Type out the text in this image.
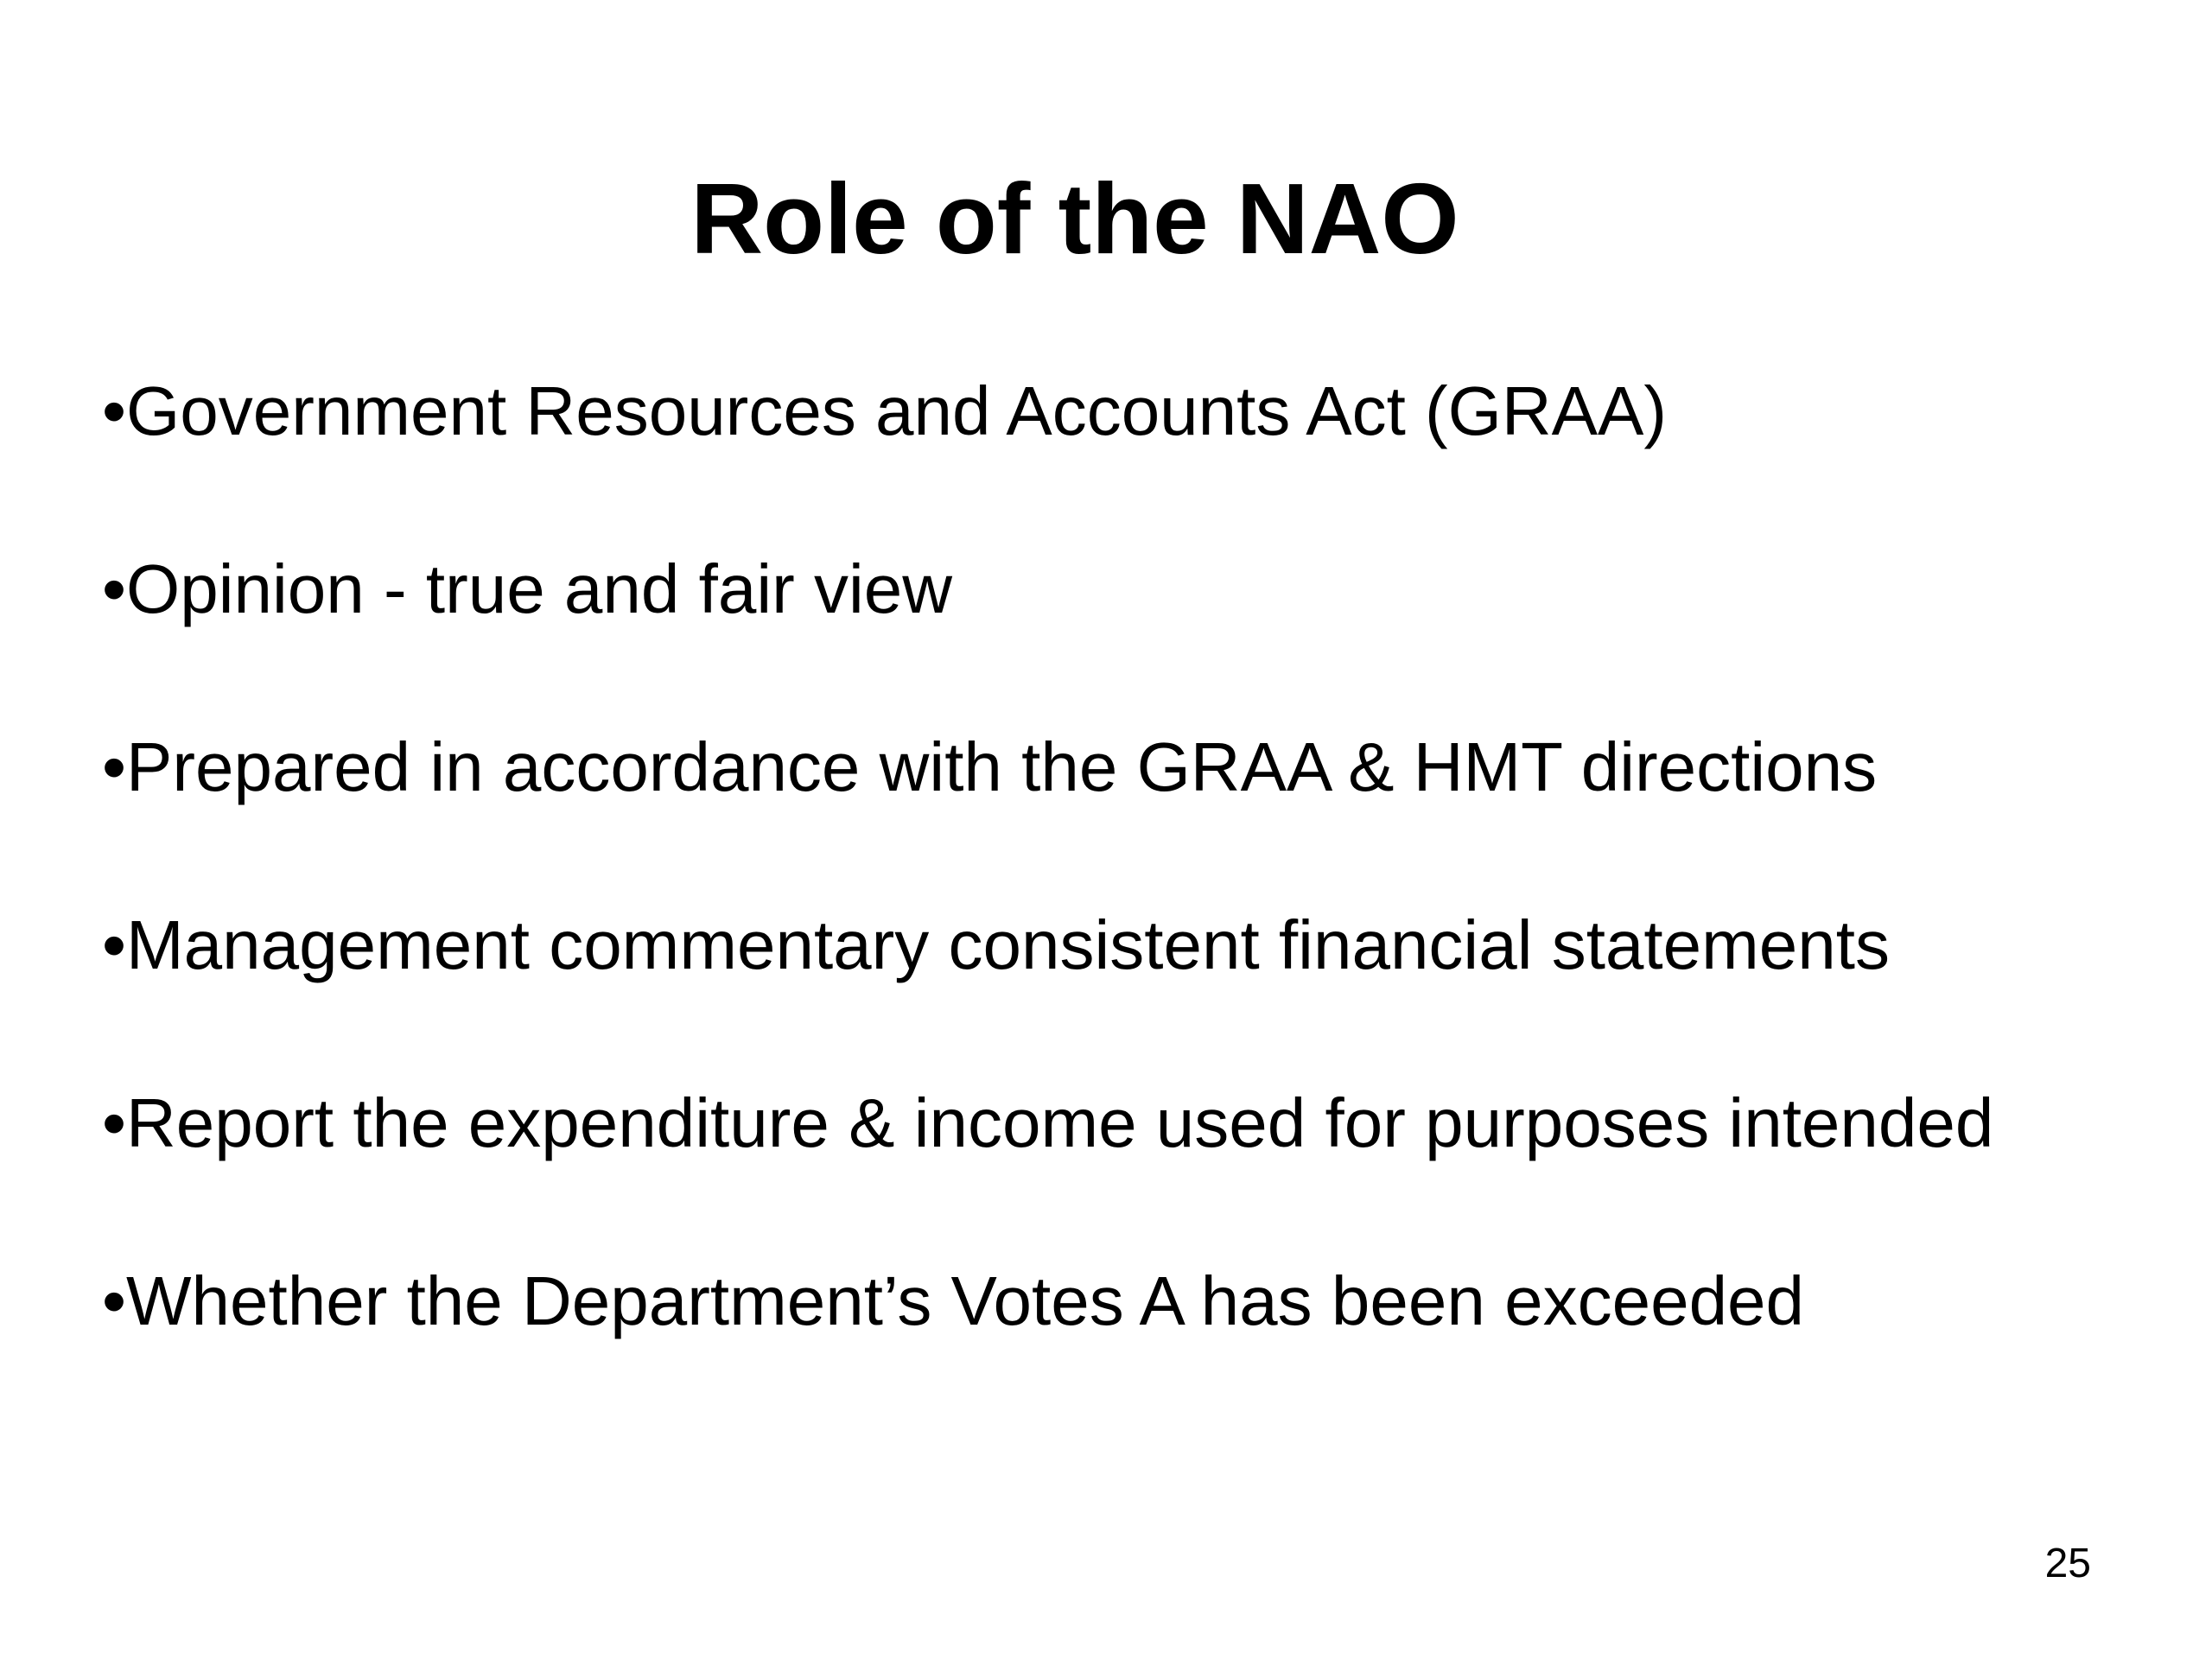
Role of the NAO
•Government Resources and Accounts Act (GRAA)
•Opinion - true and fair view
•Prepared in accordance with the GRAA & HMT directions
•Management commentary consistent financial statements
•Report the expenditure & income used for purposes intended
•Whether the Department’s Votes A has been exceeded
25
